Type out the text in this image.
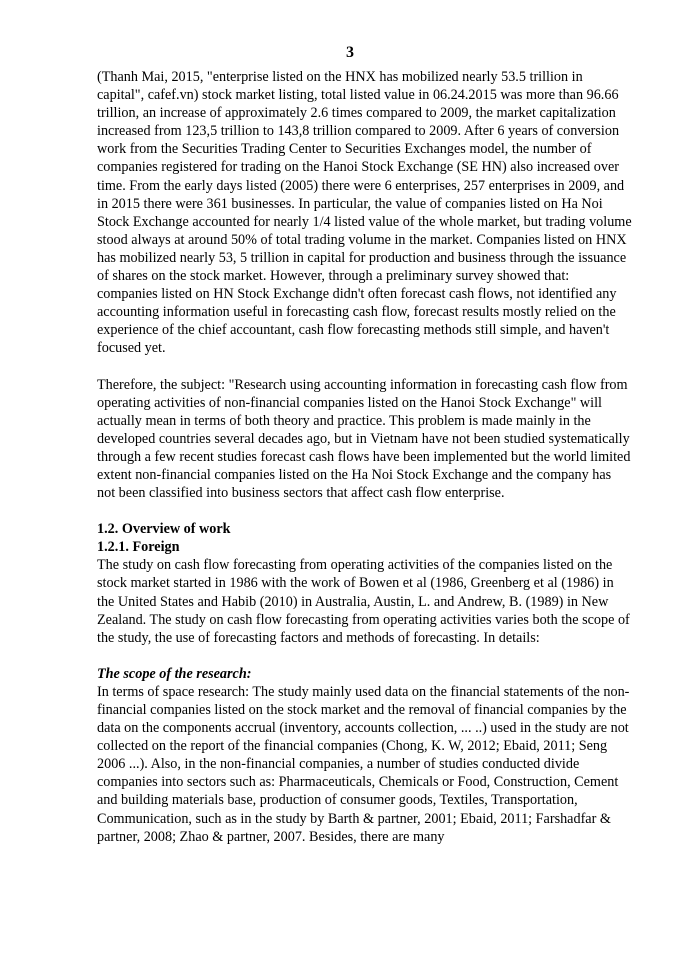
3

(Thanh Mai, 2015, "enterprise listed on the HNX has mobilized nearly 53.5 trillion in capital", cafef.vn) stock market listing, total listed value in 06.24.2015 was more than 96.66 trillion, an increase of approximately 2.6 times compared to 2009, the market capitalization increased from 123,5 trillion to 143,8 trillion compared to 2009. After 6 years of conversion work from the Securities Trading Center to Securities Exchanges model, the number of companies registered for trading on the Hanoi Stock Exchange (SE HN) also increased over time. From the early days listed (2005) there were 6 enterprises, 257 enterprises in 2009, and in 2015 there were 361 businesses. In particular, the value of companies listed on Ha Noi Stock Exchange accounted for nearly 1/4 listed value of the whole market, but trading volume stood always at around 50% of total trading volume in the market. Companies listed on HNX has mobilized nearly 53, 5 trillion in capital for production and business through the issuance of shares on the stock market. However, through a preliminary survey showed that: companies listed on HN Stock Exchange didn't often forecast cash flows, not identified any accounting information useful in forecasting cash flow, forecast results mostly relied on the experience of the chief accountant, cash flow forecasting methods still simple, and haven't focused yet.

Therefore, the subject: "Research using accounting information in forecasting cash flow from operating activities of non-financial companies listed on the Hanoi Stock Exchange" will actually mean in terms of both theory and practice. This problem is made mainly in the developed countries several decades ago, but in Vietnam have not been studied systematically through a few recent studies forecast cash flows have been implemented but the world limited extent non-financial companies listed on the Ha Noi Stock Exchange and the company has not been classified into business sectors that affect cash flow enterprise.

1.2. Overview of work

1.2.1. Foreign

The study on cash flow forecasting from operating activities of the companies listed on the stock market started in 1986 with the work of Bowen et al (1986, Greenberg et al (1986) in the United States and Habib (2010) in Australia, Austin, L. and Andrew, B. (1989) in New Zealand. The study on cash flow forecasting from operating activities varies both the scope of the study, the use of forecasting factors and methods of forecasting. In details:

The scope of the research:

In terms of space research: The study mainly used data on the financial statements of the non-financial companies listed on the stock market and the removal of financial companies by the data on the components accrual (inventory, accounts collection, ... ..) used in the study are not collected on the report of the financial companies (Chong, K. W, 2012; Ebaid, 2011; Seng 2006 ...). Also, in the non-financial companies, a number of studies conducted divide companies into sectors such as: Pharmaceuticals, Chemicals or Food, Construction, Cement and building materials base, production of consumer goods, Textiles, Transportation, Communication, such as in the study by Barth & partner, 2001; Ebaid, 2011; Farshadfar & partner, 2008; Zhao & partner, 2007. Besides, there are many
